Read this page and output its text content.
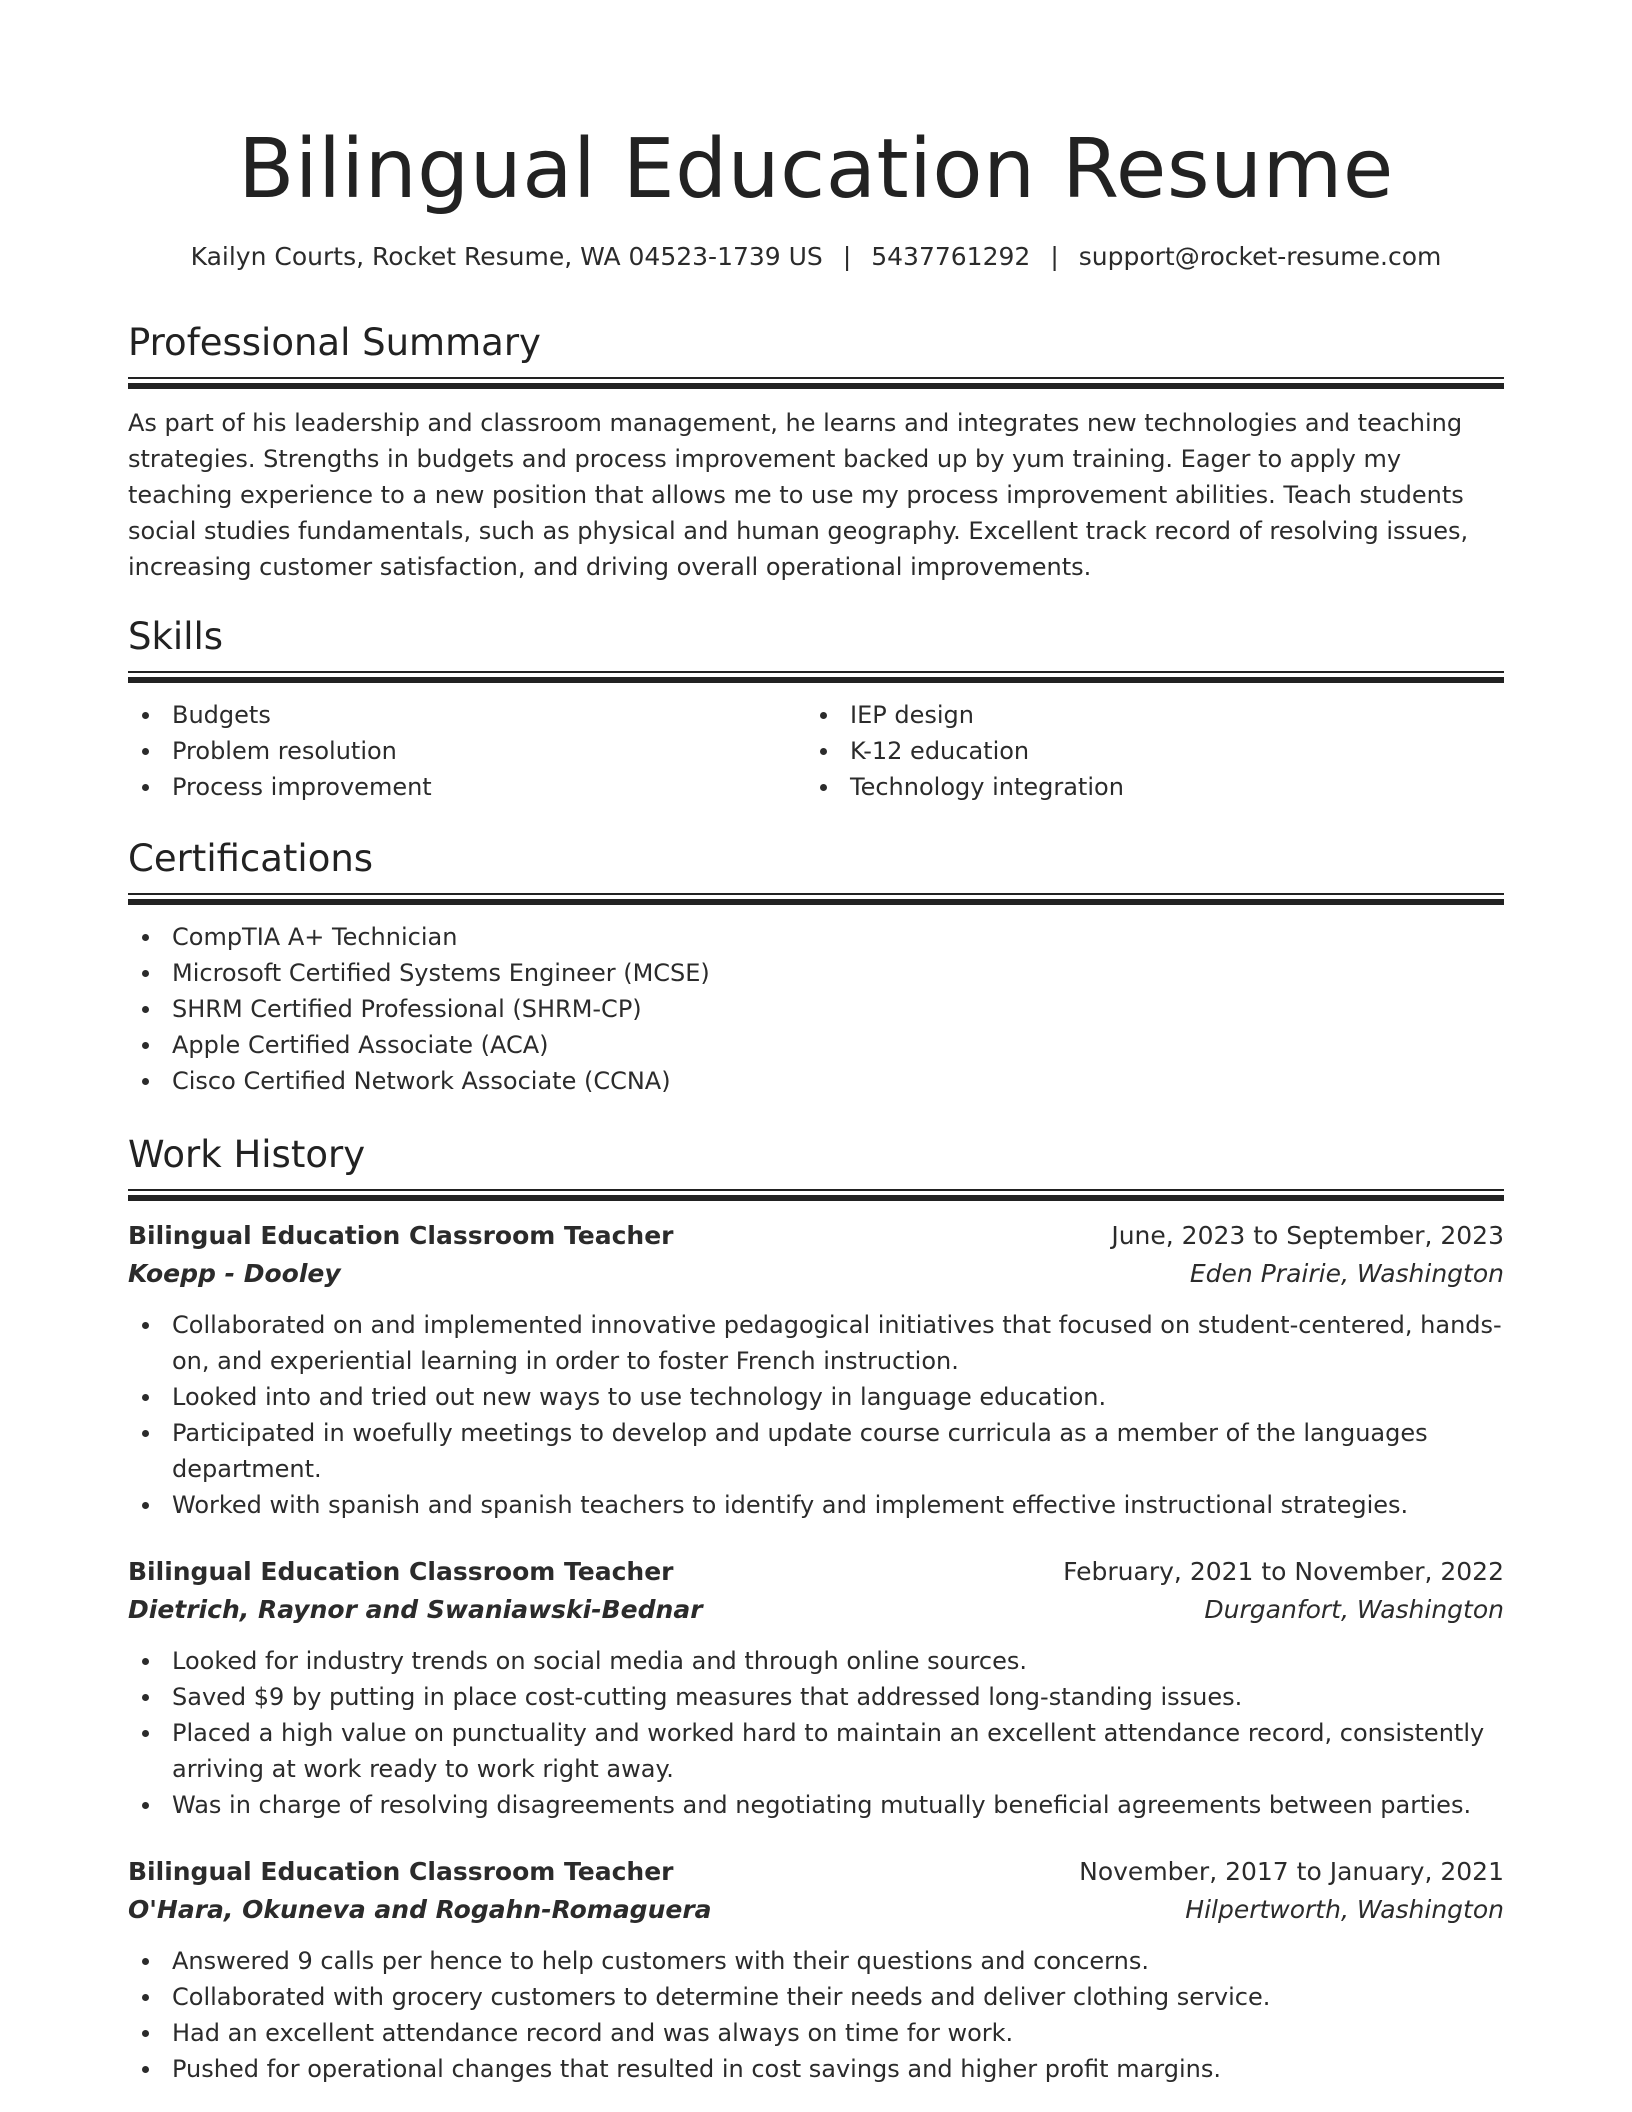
Bilingual Education Resume
Kailyn Courts, Rocket Resume, WA 04523-1739 US | 5437761292 | support@rocket-resume.com
Professional Summary

As part of his leadership and classroom management, he learns and integrates new technologies and teaching strategies. Strengths in budgets and process improvement backed up by yum training. Eager to apply my teaching experience to a new position that allows me to use my process improvement abilities. Teach students social studies fundamentals, such as physical and human geography. Excellent track record of resolving issues, increasing customer satisfaction, and driving overall operational improvements.

Skills
Budgets
Problem resolution
Process improvement
IEP design
K-12 education
Technology integration
Certifications
CompTIA A+ Technician
Microsoft Certified Systems Engineer (MCSE)
SHRM Certified Professional (SHRM-CP)
Apple Certified Associate (ACA)
Cisco Certified Network Associate (CCNA)
Work History
Bilingual Education Classroom Teacher	June, 2023 to September, 2023
Koepp - Dooley	Eden Prairie, Washington
Collaborated on and implemented innovative pedagogical initiatives that focused on student-centered, hands-on, and experiential learning in order to foster French instruction.
Looked into and tried out new ways to use technology in language education.
Participated in woefully meetings to develop and update course curricula as a member of the languages department.
Worked with spanish and spanish teachers to identify and implement effective instructional strategies.
Bilingual Education Classroom Teacher	February, 2021 to November, 2022
Dietrich, Raynor and Swaniawski-Bednar	Durganfort, Washington
Looked for industry trends on social media and through online sources.
Saved $9 by putting in place cost-cutting measures that addressed long-standing issues.
Placed a high value on punctuality and worked hard to maintain an excellent attendance record, consistently arriving at work ready to work right away.
Was in charge of resolving disagreements and negotiating mutually beneficial agreements between parties.
Bilingual Education Classroom Teacher	November, 2017 to January, 2021
O'Hara, Okuneva and Rogahn-Romaguera	Hilpertworth, Washington
Answered 9 calls per hence to help customers with their questions and concerns.
Collaborated with grocery customers to determine their needs and deliver clothing service.
Had an excellent attendance record and was always on time for work.
Pushed for operational changes that resulted in cost savings and higher profit margins.
